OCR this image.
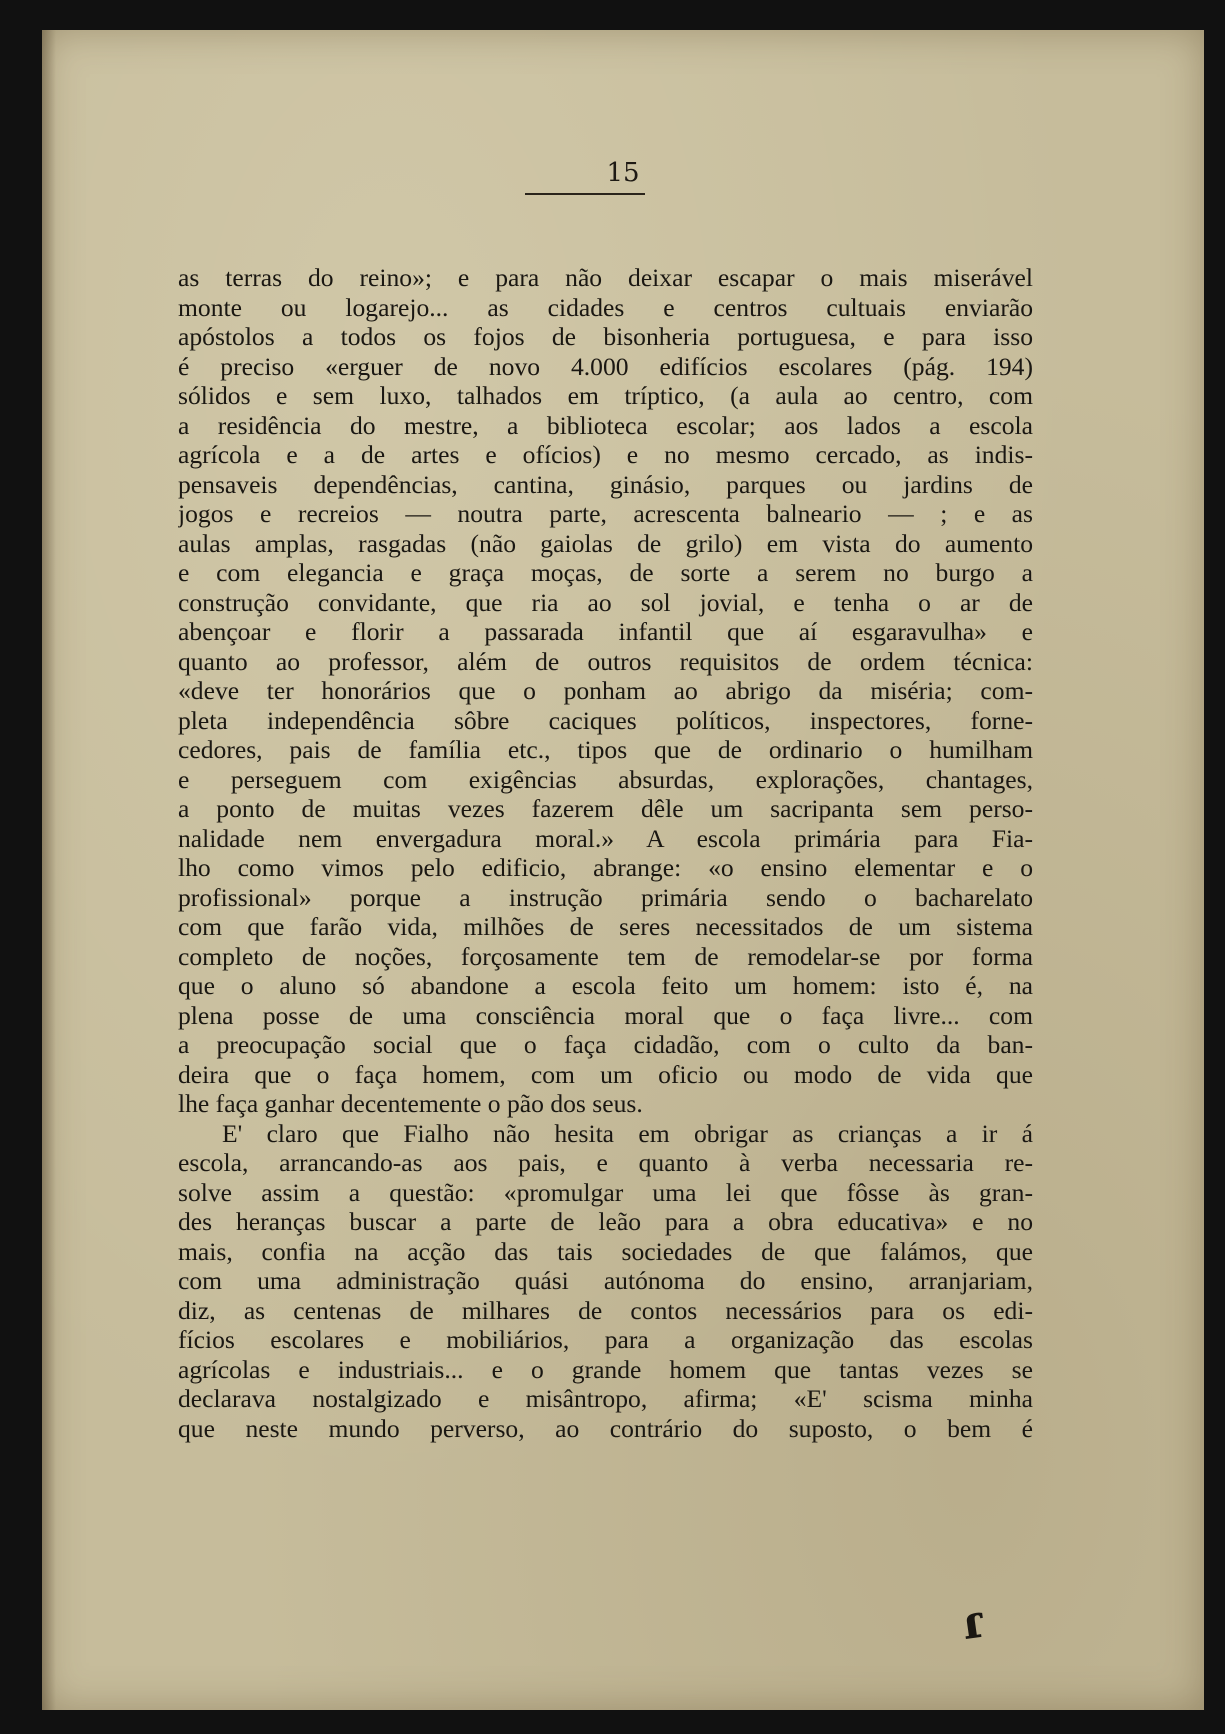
15
as terras do reino»; e para não deixar escapar o mais miserável
monte ou logarejo... as cidades e centros cultuais enviarão
apóstolos a todos os fojos de bisonheria portuguesa, e para isso
é preciso «erguer de novo 4.000 edifícios escolares (pág. 194)
sólidos e sem luxo, talhados em tríptico, (a aula ao centro, com
a residência do mestre, a biblioteca escolar; aos lados a escola
agrícola e a de artes e ofícios) e no mesmo cercado, as indis-
pensaveis dependências, cantina, ginásio, parques ou jardins de
jogos e recreios — noutra parte, acrescenta balneario — ; e as
aulas amplas, rasgadas (não gaiolas de grilo) em vista do aumento
e com elegancia e graça moças, de sorte a serem no burgo a
construção convidante, que ria ao sol jovial, e tenha o ar de
abençoar e florir a passarada infantil que aí esgaravulha» e
quanto ao professor, além de outros requisitos de ordem técnica:
«deve ter honorários que o ponham ao abrigo da miséria; com-
pleta independência sôbre caciques políticos, inspectores, forne-
cedores, pais de família etc., tipos que de ordinario o humilham
e perseguem com exigências absurdas, explorações, chantages,
a ponto de muitas vezes fazerem dêle um sacripanta sem perso-
nalidade nem envergadura moral.» A escola primária para Fia-
lho como vimos pelo edificio, abrange: «o ensino elementar e o
profissional» porque a instrução primária sendo o bacharelato
com que farão vida, milhões de seres necessitados de um sistema
completo de noções, forçosamente tem de remodelar-se por forma
que o aluno só abandone a escola feito um homem: isto é, na
plena posse de uma consciência moral que o faça livre... com
a preocupação social que o faça cidadão, com o culto da ban-
deira que o faça homem, com um oficio ou modo de vida que
lhe faça ganhar decentemente o pão dos seus.
E' claro que Fialho não hesita em obrigar as crianças a ir á
escola, arrancando-as aos pais, e quanto à verba necessaria re-
solve assim a questão: «promulgar uma lei que fôsse às gran-
des heranças buscar a parte de leão para a obra educativa» e no
mais, confia na acção das tais sociedades de que falámos, que
com uma administração quási autónoma do ensino, arranjariam,
diz, as centenas de milhares de contos necessários para os edi-
fícios escolares e mobiliários, para a organização das escolas
agrícolas e industriais... e o grande homem que tantas vezes se
declarava nostalgizado e misântropo, afirma; «E' scisma minha
que neste mundo perverso, ao contrário do suposto, o bem é
ɾ
